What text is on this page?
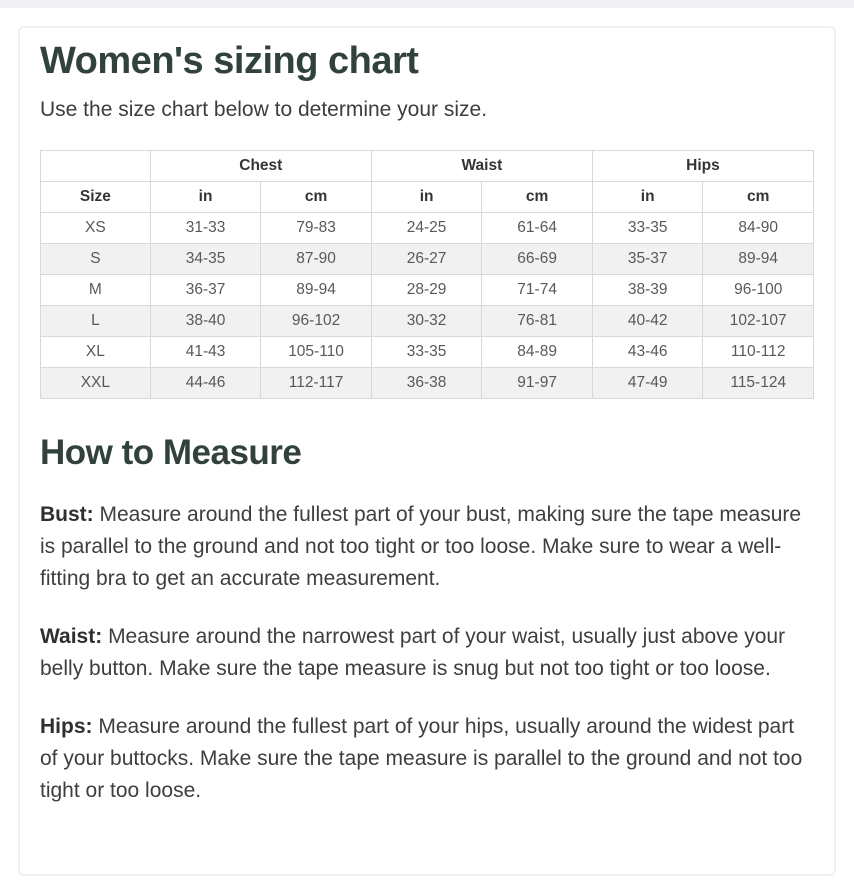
Women's sizing chart
Use the size chart below to determine your size.
	Chest		Waist		Hips	
Size	in	cm	in	cm	in	cm
XS	31-33	79-83	24-25	61-64	33-35	84-90
S	34-35	87-90	26-27	66-69	35-37	89-94
M	36-37	89-94	28-29	71-74	38-39	96-100
L	38-40	96-102	30-32	76-81	40-42	102-107
XL	41-43	105-110	33-35	84-89	43-46	110-112
XXL	44-46	112-117	36-38	91-97	47-49	115-124
How to Measure

Bust: Measure around the fullest part of your bust, making sure the tape measure is parallel to the ground and not too tight or too loose. Make sure to wear a well-fitting bra to get an accurate measurement.

Waist: Measure around the narrowest part of your waist, usually just above your belly button. Make sure the tape measure is snug but not too tight or too loose.

Hips: Measure around the fullest part of your hips, usually around the widest part of your buttocks. Make sure the tape measure is parallel to the ground and not too tight or too loose.
